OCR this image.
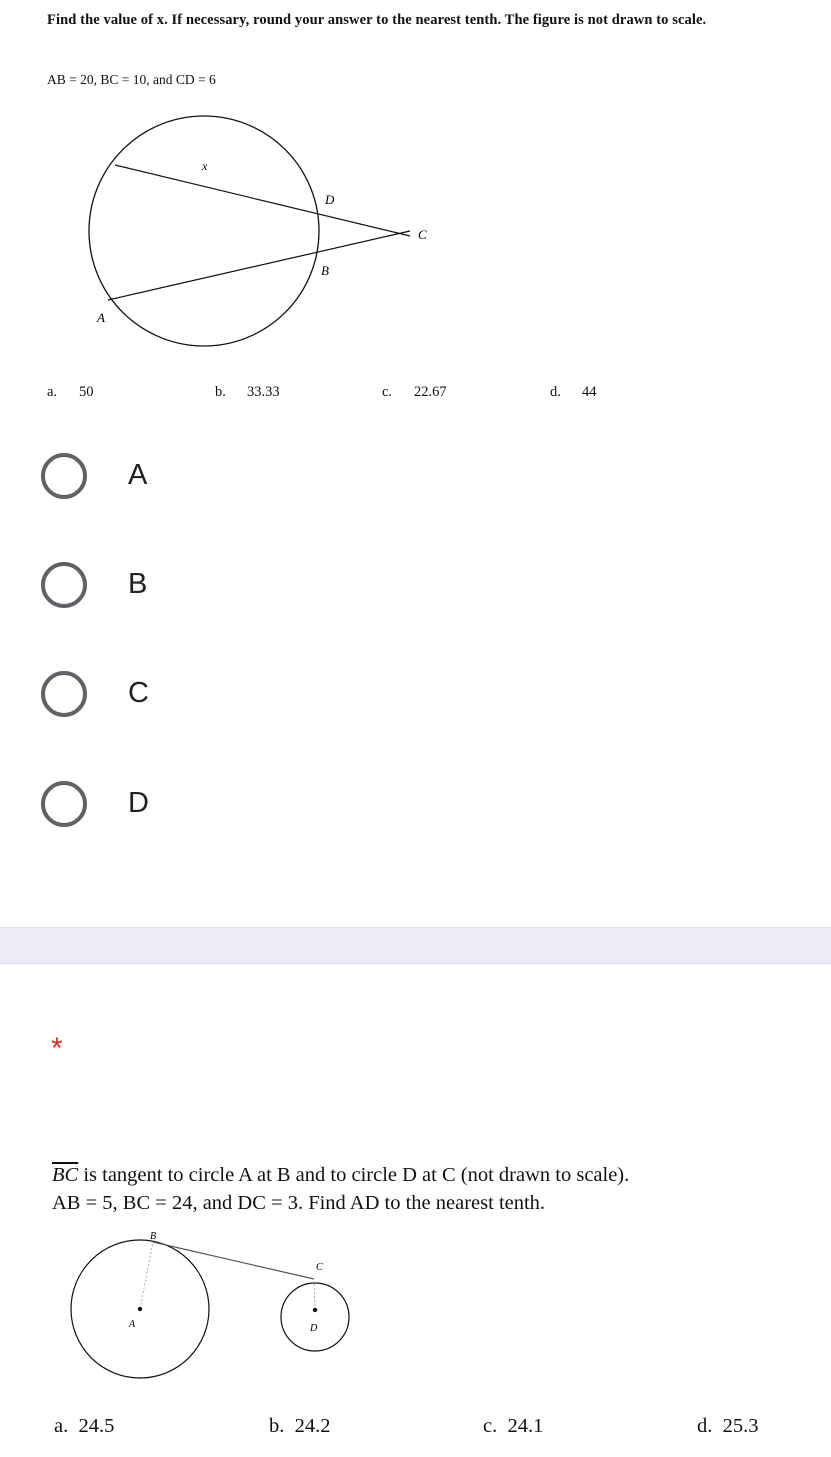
Find the value of x. If necessary, round your answer to the nearest tenth. The figure is not drawn to scale.
AB = 20, BC = 10, and CD = 6
x
D
C
B
A
a. 50	b. 33.33	c. 22.67	d. 44
A
B
C
D
*
$\overline{BC}$ is tangent to circle A at B and to circle D at C (not drawn to scale).
AB = 5, BC = 24, and DC = 3. Find AD to the nearest tenth.
B
C
A	D
a. 24.5	b. 24.2	c. 24.1	d. 25.3
